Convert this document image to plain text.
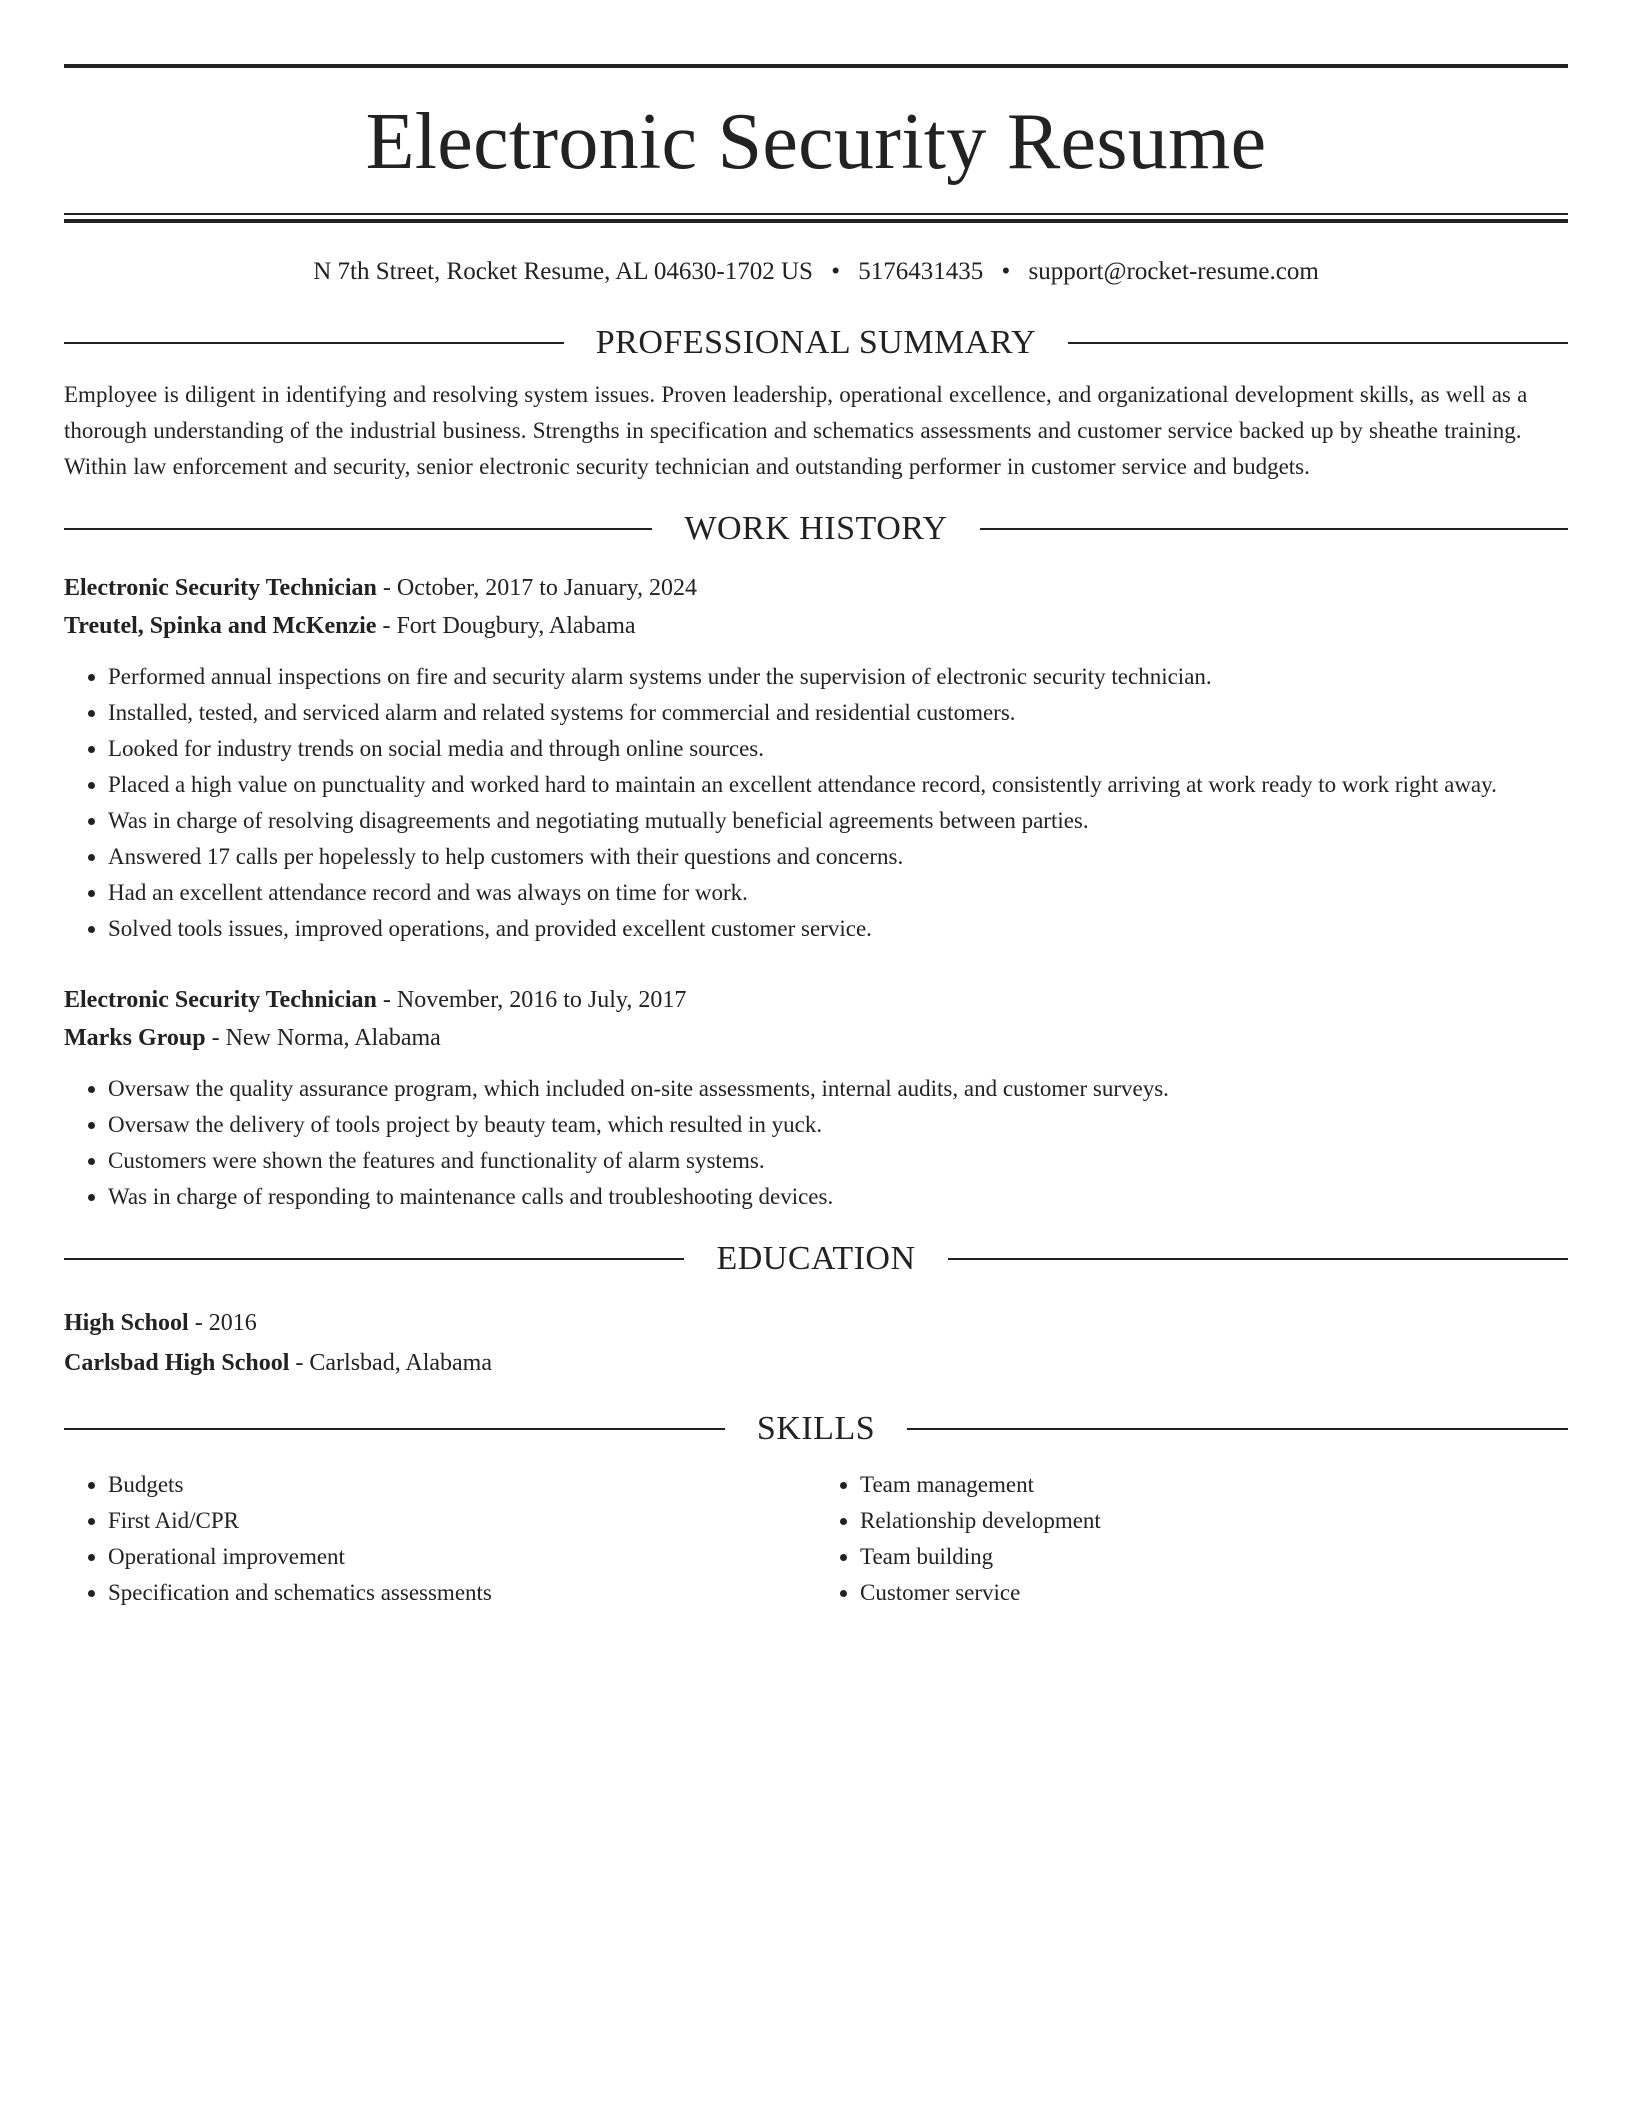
Electronic Security Resume
N 7th Street, Rocket Resume, AL 04630-1702 US • 5176431435 • support@rocket-resume.com
PROFESSIONAL SUMMARY

Employee is diligent in identifying and resolving system issues. Proven leadership, operational excellence, and organizational development skills, as well as a thorough understanding of the industrial business. Strengths in specification and schematics assessments and customer service backed up by sheathe training. Within law enforcement and security, senior electronic security technician and outstanding performer in customer service and budgets.

WORK HISTORY
Electronic Security Technician - October, 2017 to January, 2024
Treutel, Spinka and McKenzie - Fort Dougbury, Alabama
• Performed annual inspections on fire and security alarm systems under the supervision of electronic security technician.
• Installed, tested, and serviced alarm and related systems for commercial and residential customers.
• Looked for industry trends on social media and through online sources.
• Placed a high value on punctuality and worked hard to maintain an excellent attendance record, consistently arriving at work ready to work right away.
• Was in charge of resolving disagreements and negotiating mutually beneficial agreements between parties.
• Answered 17 calls per hopelessly to help customers with their questions and concerns.
• Had an excellent attendance record and was always on time for work.
• Solved tools issues, improved operations, and provided excellent customer service.
Electronic Security Technician - November, 2016 to July, 2017
Marks Group - New Norma, Alabama
• Oversaw the quality assurance program, which included on-site assessments, internal audits, and customer surveys.
• Oversaw the delivery of tools project by beauty team, which resulted in yuck.
• Customers were shown the features and functionality of alarm systems.
• Was in charge of responding to maintenance calls and troubleshooting devices.
EDUCATION
High School - 2016
Carlsbad High School - Carlsbad, Alabama
SKILLS
• Budgets
• First Aid/CPR
• Operational improvement
• Specification and schematics assessments
• Team management
• Relationship development
• Team building
• Customer service
